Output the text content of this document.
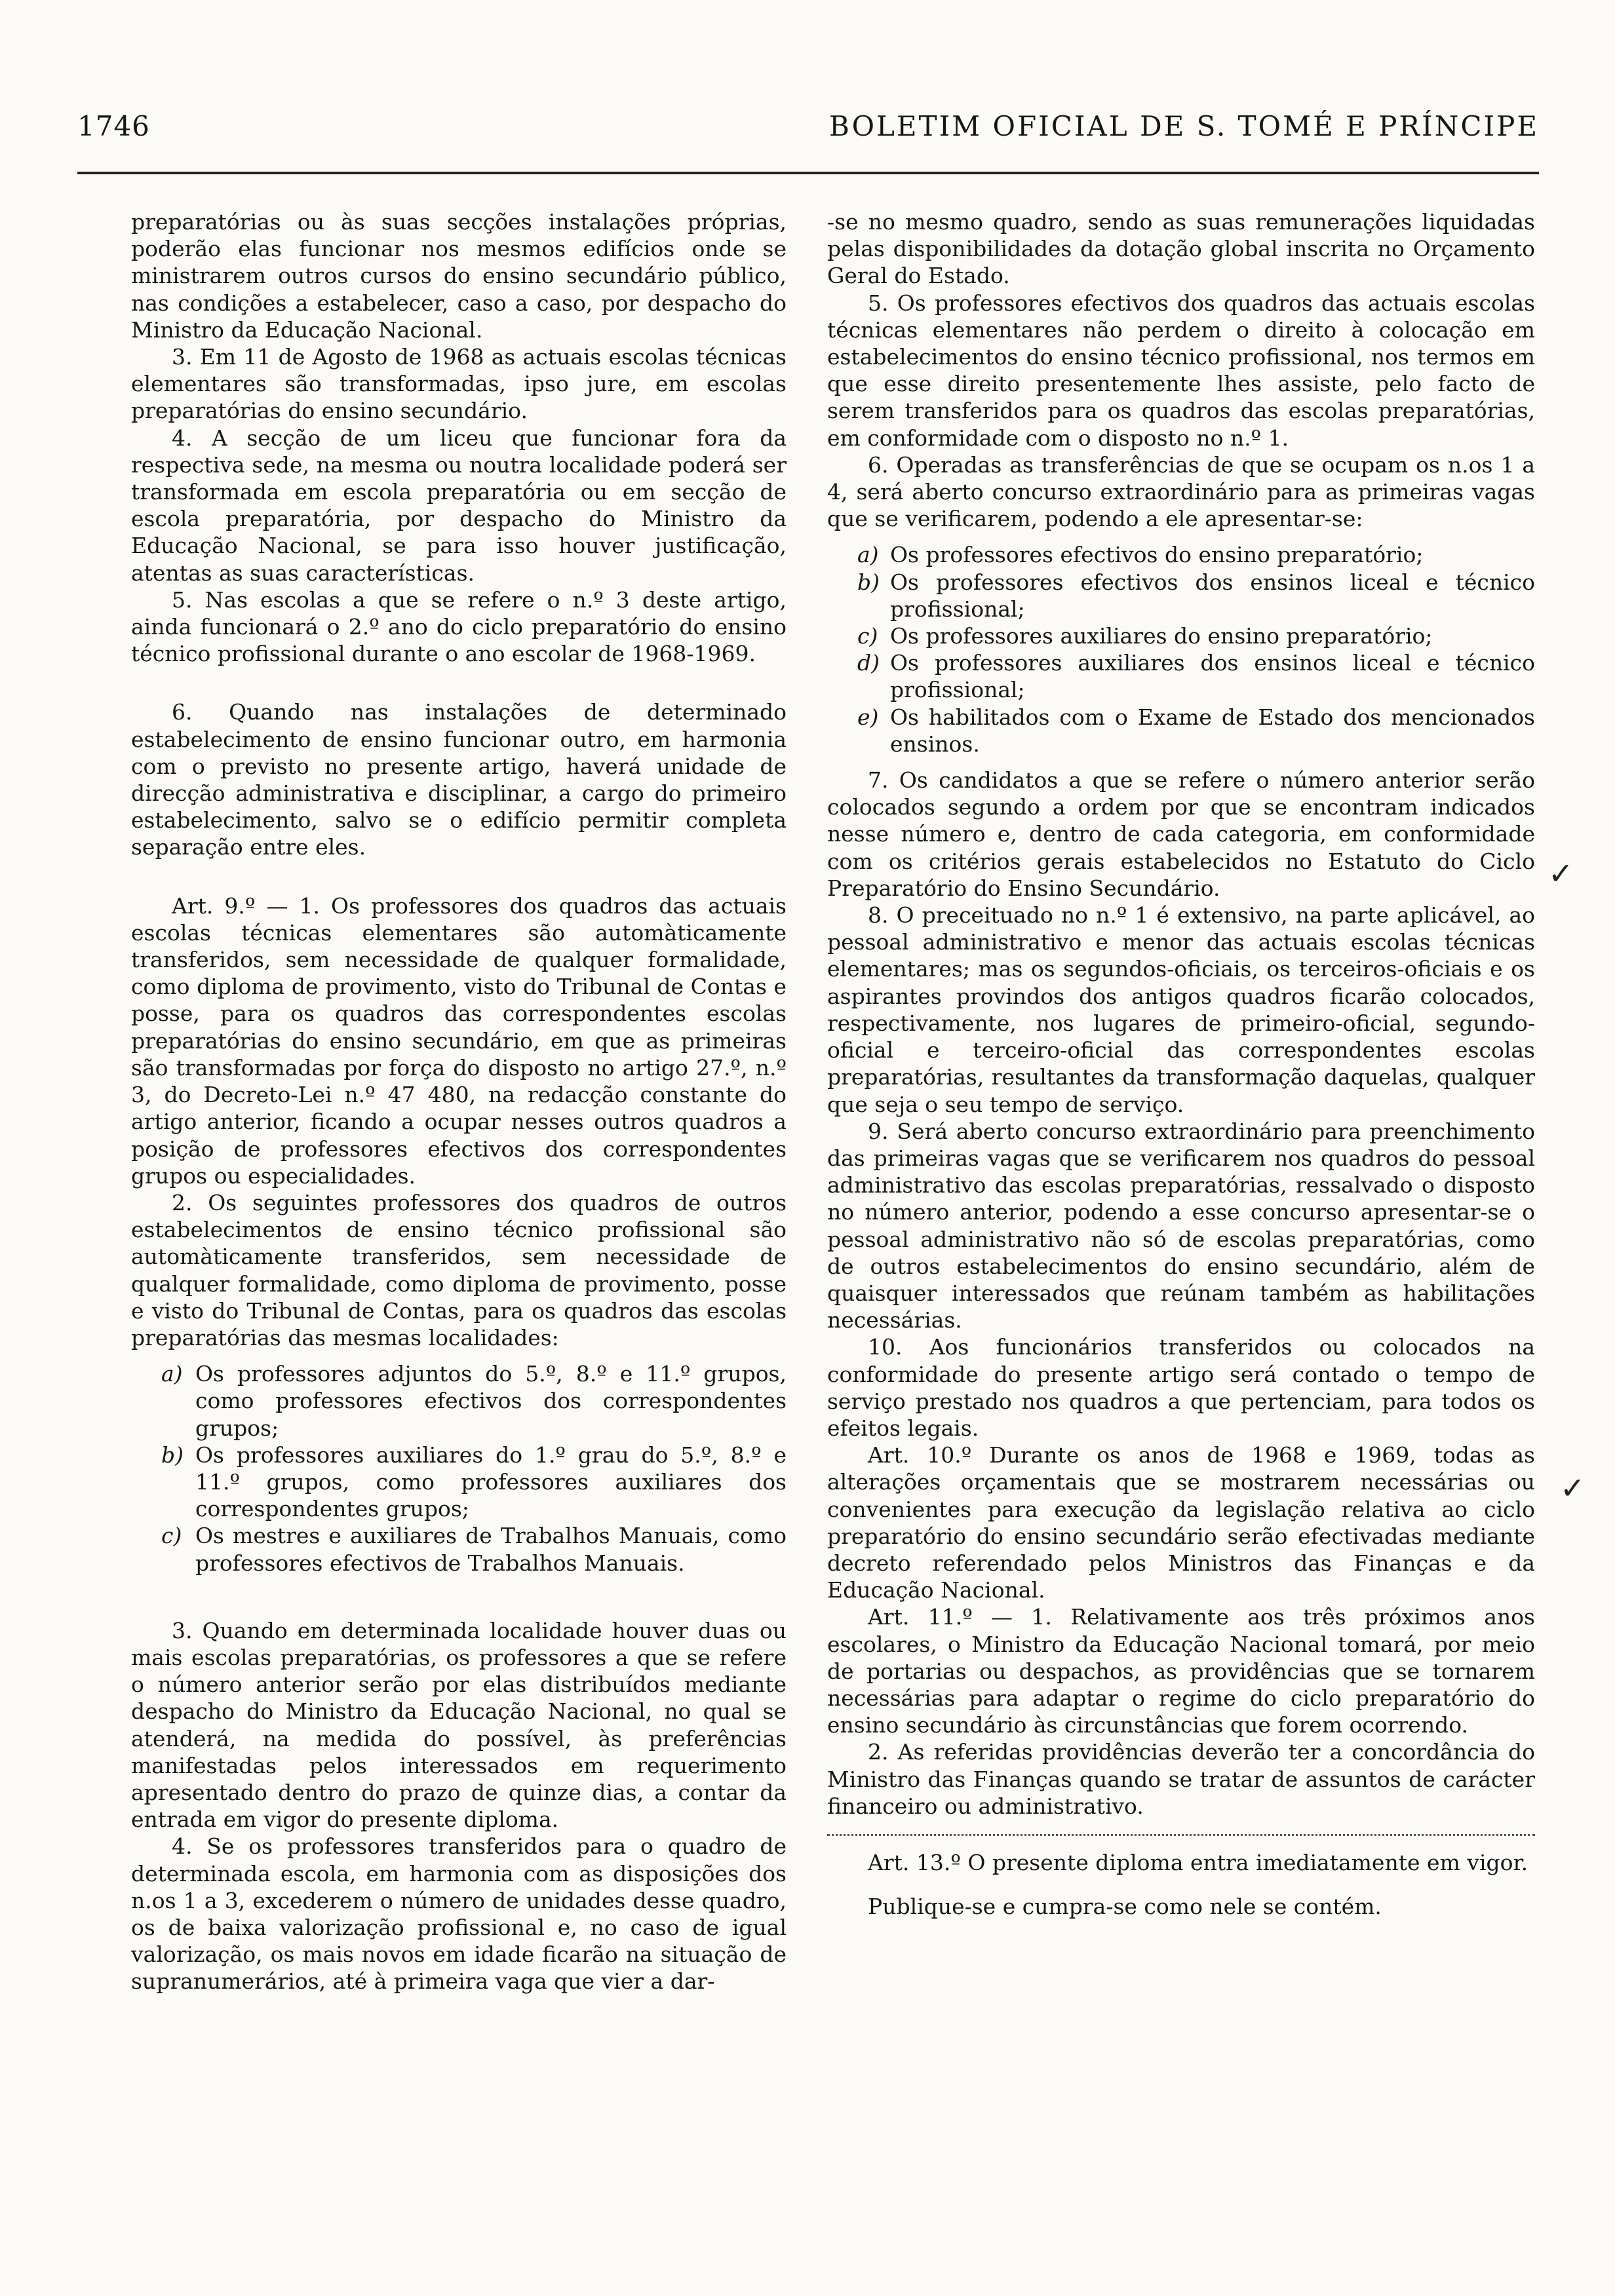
1746	BOLETIM OFICIAL DE S. TOMÉ E PRÍNCIPE

preparatórias ou às suas secções instalações próprias, poderão elas funcionar nos mesmos edifícios onde se ministrarem outros cursos do ensino secundário público, nas condições a estabelecer, caso a caso, por despacho do Ministro da Educação Nacional.

3. Em 11 de Agosto de 1968 as actuais escolas técnicas elementares são transformadas, ipso jure, em escolas preparatórias do ensino secundário.

4. A secção de um liceu que funcionar fora da respectiva sede, na mesma ou noutra localidade poderá ser transformada em escola preparatória ou em secção de escola preparatória, por despacho do Ministro da Educação Nacional, se para isso houver justificação, atentas as suas características.

5. Nas escolas a que se refere o n.º 3 deste artigo, ainda funcionará o 2.º ano do ciclo preparatório do ensino técnico profissional durante o ano escolar de 1968-1969.

6. Quando nas instalações de determinado estabelecimento de ensino funcionar outro, em harmonia com o previsto no presente artigo, haverá unidade de direcção administrativa e disciplinar, a cargo do primeiro estabelecimento, salvo se o edifício permitir completa separação entre eles.

Art. 9.º — 1. Os professores dos quadros das actuais escolas técnicas elementares são automàticamente transferidos, sem necessidade de qualquer formalidade, como diploma de provimento, visto do Tribunal de Contas e posse, para os quadros das correspondentes escolas preparatórias do ensino secundário, em que as primeiras são transformadas por força do disposto no artigo 27.º, n.º 3, do Decreto-Lei n.º 47 480, na redacção constante do artigo anterior, ficando a ocupar nesses outros quadros a posição de professores efectivos dos correspondentes grupos ou especialidades.

2. Os seguintes professores dos quadros de outros estabelecimentos de ensino técnico profissional são automàticamente transferidos, sem necessidade de qualquer formalidade, como diploma de provimento, posse e visto do Tribunal de Contas, para os quadros das escolas preparatórias das mesmas localidades:

a) Os professores adjuntos do 5.º, 8.º e 11.º grupos, como professores efectivos dos correspondentes grupos;
b) Os professores auxiliares do 1.º grau do 5.º, 8.º e 11.º grupos, como professores auxiliares dos correspondentes grupos;
c) Os mestres e auxiliares de Trabalhos Manuais, como professores efectivos de Trabalhos Manuais.

3. Quando em determinada localidade houver duas ou mais escolas preparatórias, os professores a que se refere o número anterior serão por elas distribuídos mediante despacho do Ministro da Educação Nacional, no qual se atenderá, na medida do possível, às preferências manifestadas pelos interessados em requerimento apresentado dentro do prazo de quinze dias, a contar da entrada em vigor do presente diploma.

4. Se os professores transferidos para o quadro de determinada escola, em harmonia com as disposições dos n.os 1 a 3, excederem o número de unidades desse quadro, os de baixa valorização profissional e, no caso de igual valorização, os mais novos em idade ficarão na situação de supranumerários, até à primeira vaga que vier a dar-

-se no mesmo quadro, sendo as suas remunerações liquidadas pelas disponibilidades da dotação global inscrita no Orçamento Geral do Estado.

5. Os professores efectivos dos quadros das actuais escolas técnicas elementares não perdem o direito à colocação em estabelecimentos do ensino técnico profissional, nos termos em que esse direito presentemente lhes assiste, pelo facto de serem transferidos para os quadros das escolas preparatórias, em conformidade com o disposto no n.º 1.

6. Operadas as transferências de que se ocupam os n.os 1 a 4, será aberto concurso extraordinário para as primeiras vagas que se verificarem, podendo a ele apresentar-se:

a) Os professores efectivos do ensino preparatório;
b) Os professores efectivos dos ensinos liceal e técnico profissional;
c) Os professores auxiliares do ensino preparatório;
d) Os professores auxiliares dos ensinos liceal e técnico profissional;
e) Os habilitados com o Exame de Estado dos mencionados ensinos.

7. Os candidatos a que se refere o número anterior serão colocados segundo a ordem por que se encontram indicados nesse número e, dentro de cada categoria, em conformidade com os critérios gerais estabelecidos no Estatuto do Ciclo Preparatório do Ensino Secundário.

8. O preceituado no n.º 1 é extensivo, na parte aplicável, ao pessoal administrativo e menor das actuais escolas técnicas elementares; mas os segundos-oficiais, os terceiros-oficiais e os aspirantes provindos dos antigos quadros ficarão colocados, respectivamente, nos lugares de primeiro-oficial, segundo-oficial e terceiro-oficial das correspondentes escolas preparatórias, resultantes da transformação daquelas, qualquer que seja o seu tempo de serviço.

9. Será aberto concurso extraordinário para preenchimento das primeiras vagas que se verificarem nos quadros do pessoal administrativo das escolas preparatórias, ressalvado o disposto no número anterior, podendo a esse concurso apresentar-se o pessoal administrativo não só de escolas preparatórias, como de outros estabelecimentos do ensino secundário, além de quaisquer interessados que reúnam também as habilitações necessárias.

10. Aos funcionários transferidos ou colocados na conformidade do presente artigo será contado o tempo de serviço prestado nos quadros a que pertenciam, para todos os efeitos legais.

Art. 10.º Durante os anos de 1968 e 1969, todas as alterações orçamentais que se mostrarem necessárias ou convenientes para execução da legislação relativa ao ciclo preparatório do ensino secundário serão efectivadas mediante decreto referendado pelos Ministros das Finanças e da Educação Nacional.

Art. 11.º — 1. Relativamente aos três próximos anos escolares, o Ministro da Educação Nacional tomará, por meio de portarias ou despachos, as providências que se tornarem necessárias para adaptar o regime do ciclo preparatório do ensino secundário às circunstâncias que forem ocorrendo.

2. As referidas providências deverão ter a concordância do Ministro das Finanças quando se tratar de assuntos de carácter financeiro ou administrativo.

Art. 13.º O presente diploma entra imediatamente em vigor.

Publique-se e cumpra-se como nele se contém.

✓
✓
